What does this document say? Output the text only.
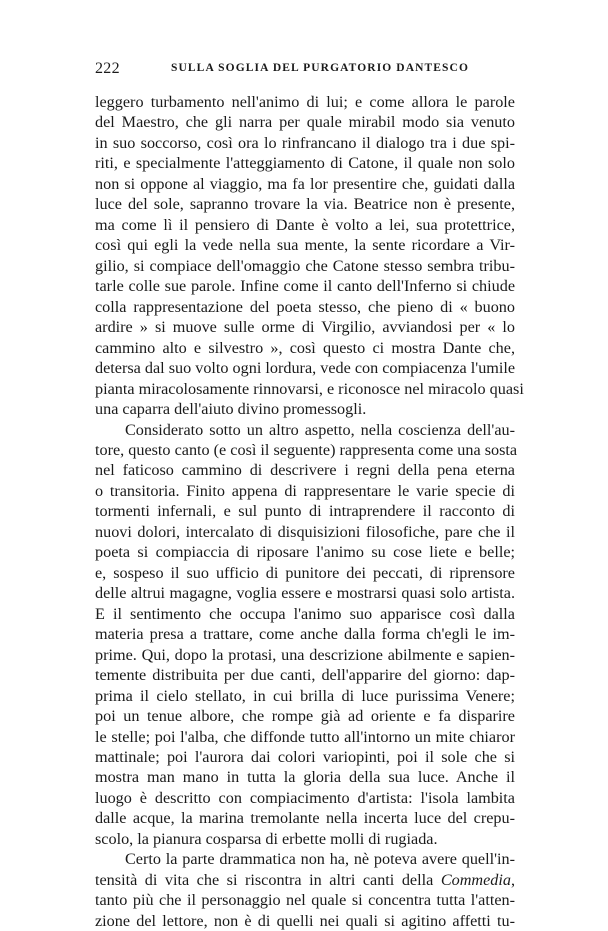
222	SULLA SOGLIA DEL PURGATORIO DANTESCO
leggero turbamento nell'animo di lui; e come allora le parole
del Maestro, che gli narra per quale mirabil modo sia venuto
in suo soccorso, così ora lo rinfrancano il dialogo tra i due spi-
riti, e specialmente l'atteggiamento di Catone, il quale non solo
non si oppone al viaggio, ma fa lor presentire che, guidati dalla
luce del sole, sapranno trovare la via. Beatrice non è presente,
ma come lì il pensiero di Dante è volto a lei, sua protettrice,
così qui egli la vede nella sua mente, la sente ricordare a Vir-
gilio, si compiace dell'omaggio che Catone stesso sembra tribu-
tarle colle sue parole. Infine come il canto dell'Inferno si chiude
colla rappresentazione del poeta stesso, che pieno di « buono
ardire » si muove sulle orme di Virgilio, avviandosi per « lo
cammino alto e silvestro », così questo ci mostra Dante che,
detersa dal suo volto ogni lordura, vede con compiacenza l'umile
pianta miracolosamente rinnovarsi, e riconosce nel miracolo quasi
una caparra dell'aiuto divino promessogli.
Considerato sotto un altro aspetto, nella coscienza dell'au-
tore, questo canto (e così il seguente) rappresenta come una sosta
nel faticoso cammino di descrivere i regni della pena eterna
o transitoria. Finito appena di rappresentare le varie specie di
tormenti infernali, e sul punto di intraprendere il racconto di
nuovi dolori, intercalato di disquisizioni filosofiche, pare che il
poeta si compiaccia di riposare l'animo su cose liete e belle;
e, sospeso il suo ufficio di punitore dei peccati, di riprensore
delle altrui magagne, voglia essere e mostrarsi quasi solo artista.
E il sentimento che occupa l'animo suo apparisce così dalla
materia presa a trattare, come anche dalla forma ch'egli le im-
prime. Qui, dopo la protasi, una descrizione abilmente e sapien-
temente distribuita per due canti, dell'apparire del giorno: dap-
prima il cielo stellato, in cui brilla di luce purissima Venere;
poi un tenue albore, che rompe già ad oriente e fa disparire
le stelle; poi l'alba, che diffonde tutto all'intorno un mite chiaror
mattinale; poi l'aurora dai colori variopinti, poi il sole che si
mostra man mano in tutta la gloria della sua luce. Anche il
luogo è descritto con compiacimento d'artista: l'isola lambita
dalle acque, la marina tremolante nella incerta luce del crepu-
scolo, la pianura cosparsa di erbette molli di rugiada.
Certo la parte drammatica non ha, nè poteva avere quell'in-
tensità di vita che si riscontra in altri canti della Commedia,
tanto più che il personaggio nel quale si concentra tutta l'atten-
zione del lettore, non è di quelli nei quali si agitino affetti tu-
